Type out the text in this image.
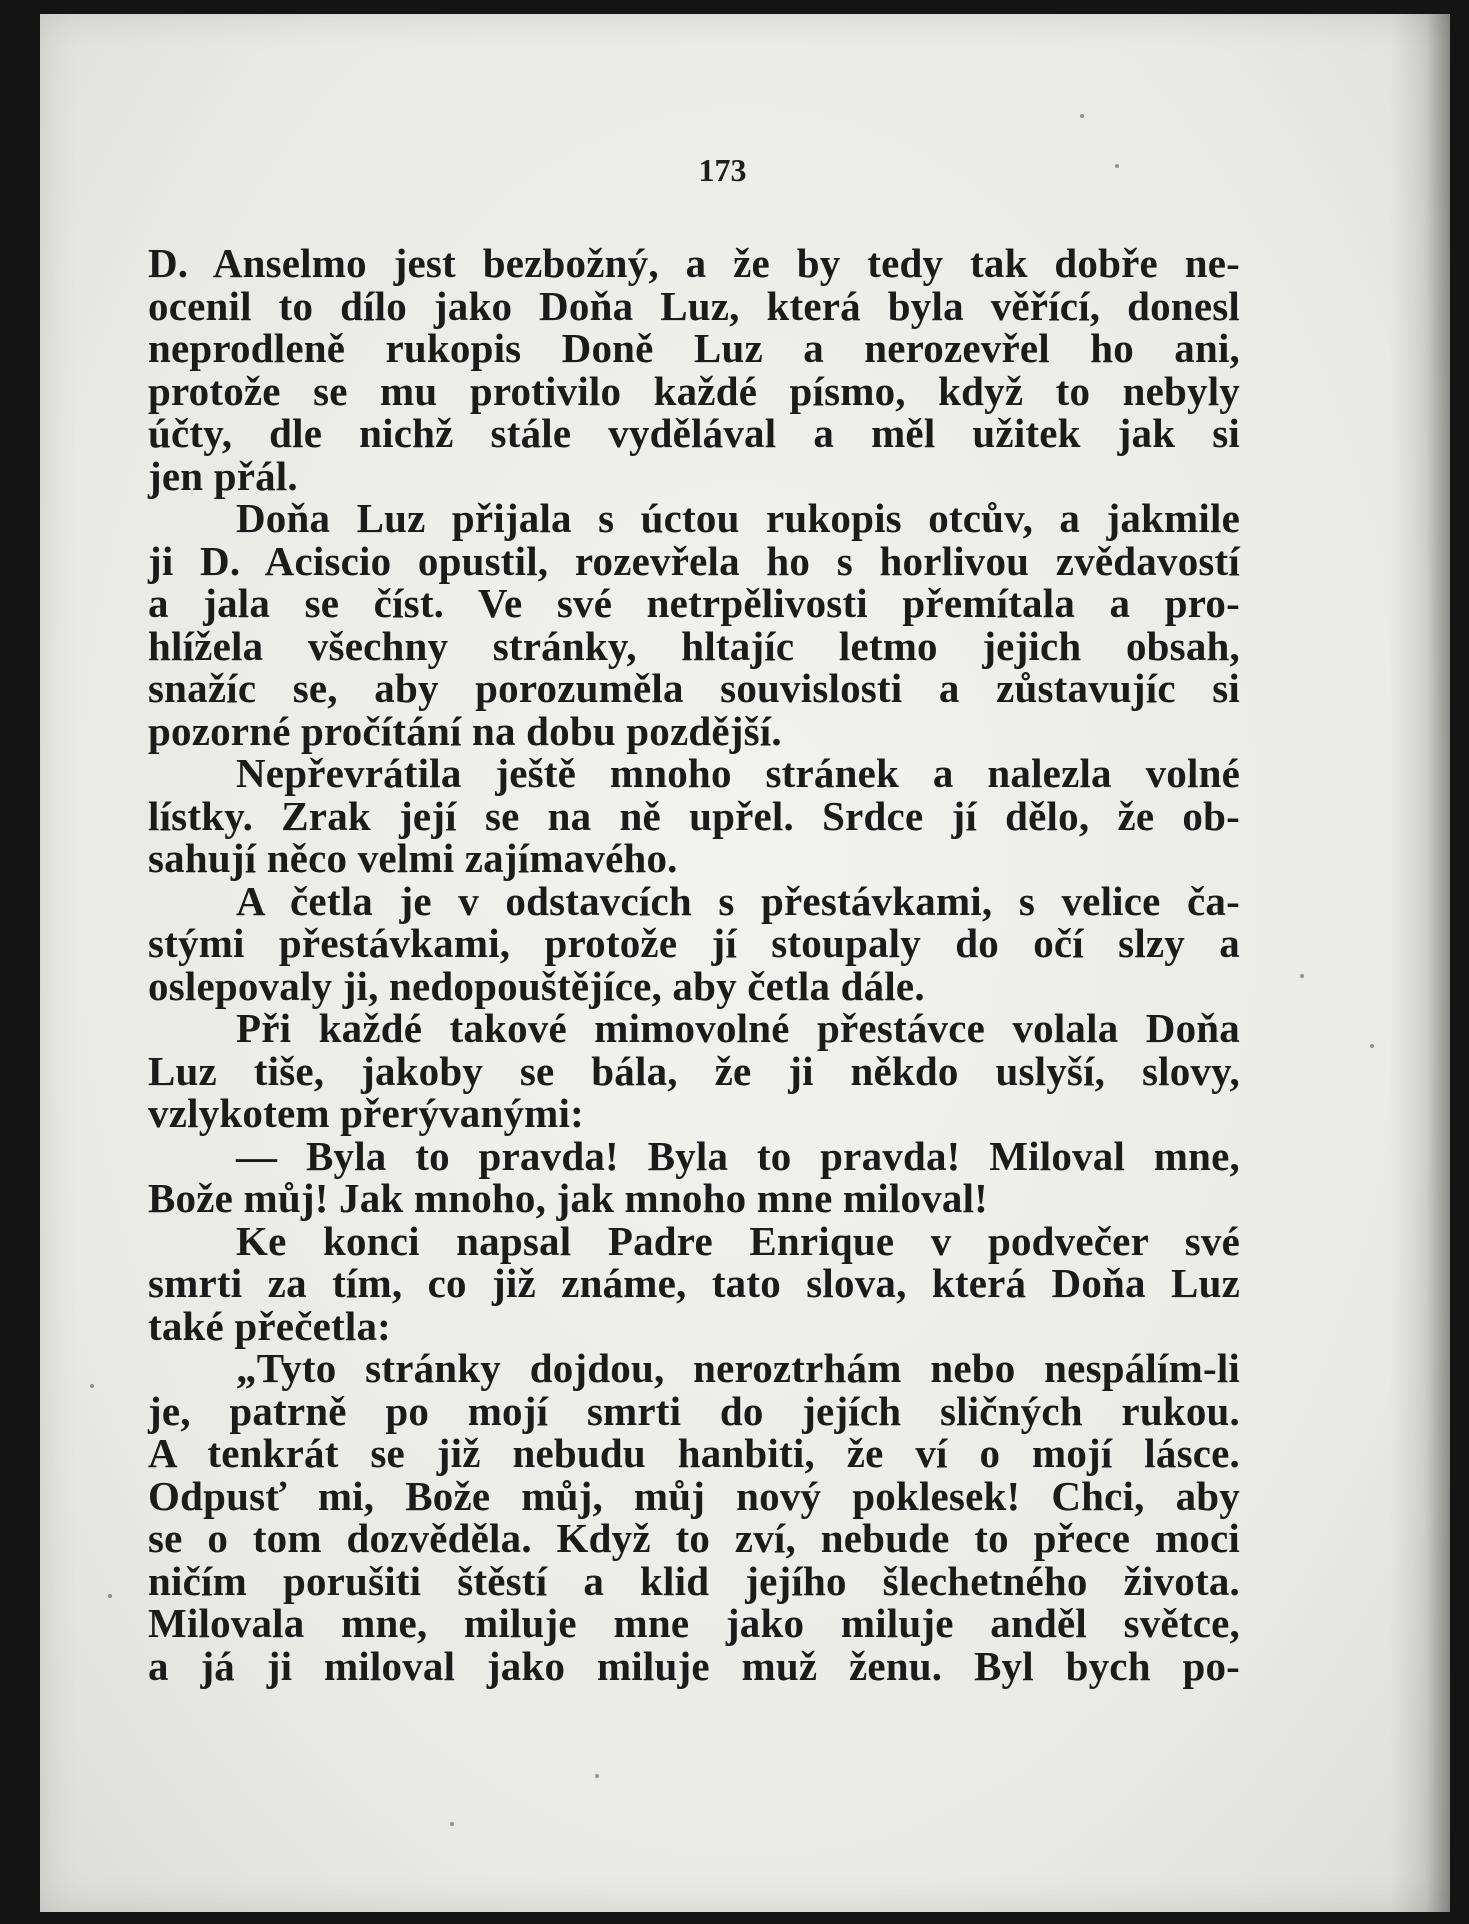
173
D. Anselmo jest bezbožný, a že by tedy tak dobře ne-
ocenil to dílo jako Doňa Luz, která byla věřící, donesl
neprodleně rukopis Doně Luz a nerozevřel ho ani,
protože se mu protivilo každé písmo, když to nebyly
účty, dle nichž stále vydělával a měl užitek jak si
jen přál.
Doňa Luz přijala s úctou rukopis otcův, a jakmile
ji D. Aciscio opustil, rozevřela ho s horlivou zvědavostí
a jala se číst. Ve své netrpělivosti přemítala a pro-
hlížela všechny stránky, hltajíc letmo jejich obsah,
snažíc se, aby porozuměla souvislosti a zůstavujíc si
pozorné pročítání na dobu pozdější.
Nepřevrátila ještě mnoho stránek a nalezla volné
lístky. Zrak její se na ně upřel. Srdce jí dělo, že ob-
sahují něco velmi zajímavého.
A četla je v odstavcích s přestávkami, s velice ča-
stými přestávkami, protože jí stoupaly do očí slzy a
oslepovaly ji, nedopouštějíce, aby četla dále.
Při každé takové mimovolné přestávce volala Doňa
Luz tiše, jakoby se bála, že ji někdo uslyší, slovy,
vzlykotem přerývanými:
— Byla to pravda! Byla to pravda! Miloval mne,
Bože můj! Jak mnoho, jak mnoho mne miloval!
Ke konci napsal Padre Enrique v podvečer své
smrti za tím, co již známe, tato slova, která Doňa Luz
také přečetla:
„Tyto stránky dojdou, neroztrhám nebo nespálím-li
je, patrně po mojí smrti do jejích sličných rukou.
A tenkrát se již nebudu hanbiti, že ví o mojí lásce.
Odpusť mi, Bože můj, můj nový poklesek! Chci, aby
se o tom dozvěděla. Když to zví, nebude to přece moci
ničím porušiti štěstí a klid jejího šlechetného života.
Milovala mne, miluje mne jako miluje anděl světce,
a já ji miloval jako miluje muž ženu. Byl bych po-
